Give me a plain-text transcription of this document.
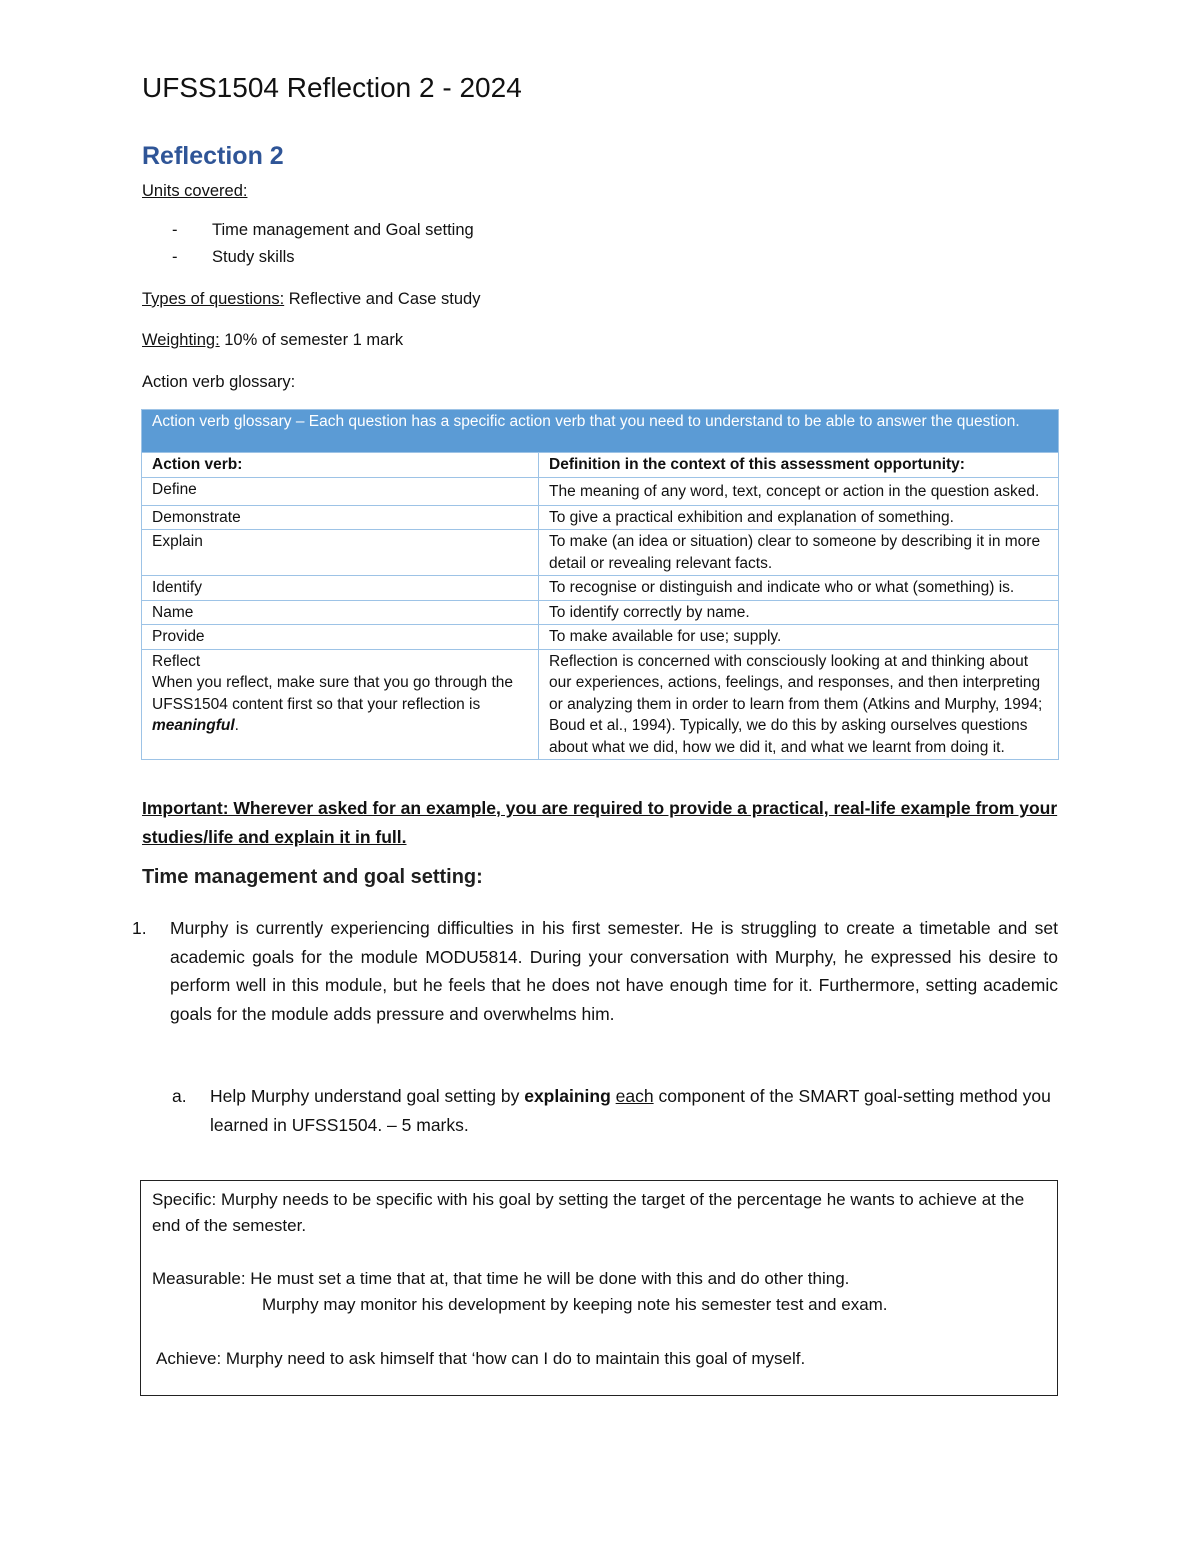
UFSS1504 Reflection 2 - 2024
Reflection 2
Units covered:
- Time management and Goal setting
- Study skills
Types of questions: Reflective and Case study
Weighting: 10% of semester 1 mark
Action verb glossary:
Action verb glossary – Each question has a specific action verb that you need to understand to be able to answer the question.	
Action verb:	Definition in the context of this assessment opportunity:
Define	The meaning of any word, text, concept or action in the question asked.
Demonstrate	To give a practical exhibition and explanation of something.
Explain	To make (an idea or situation) clear to someone by describing it in more detail or revealing relevant facts.
Identify	To recognise or distinguish and indicate who or what (something) is.
Name	To identify correctly by name.
Provide	To make available for use; supply.
Reflect
When you reflect, make sure that you go through the UFSS1504 content first so that your reflection is meaningful.	Reflection is concerned with consciously looking at and thinking about our experiences, actions, feelings, and responses, and then interpreting or analyzing them in order to learn from them (Atkins and Murphy, 1994; Boud et al., 1994). Typically, we do this by asking ourselves questions about what we did, how we did it, and what we learnt from doing it.
Important: Wherever asked for an example, you are required to provide a practical, real-life example from your studies/life and explain it in full.
Time management and goal setting:
1. Murphy is currently experiencing difficulties in his first semester. He is struggling to create a timetable and set academic goals for the module MODU5814. During your conversation with Murphy, he expressed his desire to perform well in this module, but he feels that he does not have enough time for it. Furthermore, setting academic goals for the module adds pressure and overwhelms him.
a. Help Murphy understand goal setting by explaining each component of the SMART goal-setting method you learned in UFSS1504. – 5 marks.

Specific: Murphy needs to be specific with his goal by setting the target of the percentage he wants to achieve at the end of the semester.

Measurable: He must set a time that at, that time he will be done with this and do other thing.

Murphy may monitor his development by keeping note his semester test and exam.

Achieve: Murphy need to ask himself that ‘how can I do to maintain this goal of myself.
